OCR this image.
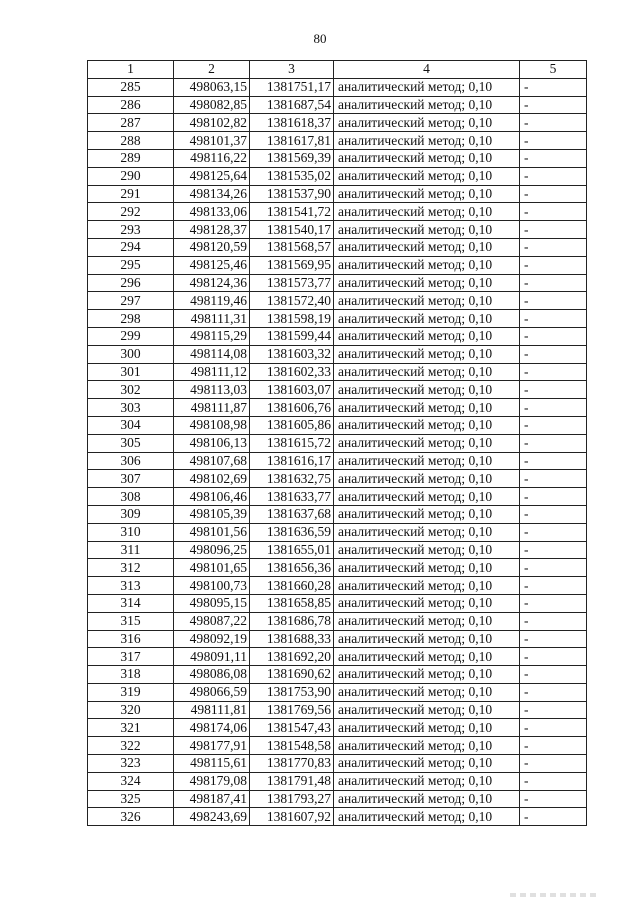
80
1	2	3	4	5
285	498063,15	1381751,17	аналитический метод; 0,10	-
286	498082,85	1381687,54	аналитический метод; 0,10	-
287	498102,82	1381618,37	аналитический метод; 0,10	-
288	498101,37	1381617,81	аналитический метод; 0,10	-
289	498116,22	1381569,39	аналитический метод; 0,10	-
290	498125,64	1381535,02	аналитический метод; 0,10	-
291	498134,26	1381537,90	аналитический метод; 0,10	-
292	498133,06	1381541,72	аналитический метод; 0,10	-
293	498128,37	1381540,17	аналитический метод; 0,10	-
294	498120,59	1381568,57	аналитический метод; 0,10	-
295	498125,46	1381569,95	аналитический метод; 0,10	-
296	498124,36	1381573,77	аналитический метод; 0,10	-
297	498119,46	1381572,40	аналитический метод; 0,10	-
298	498111,31	1381598,19	аналитический метод; 0,10	-
299	498115,29	1381599,44	аналитический метод; 0,10	-
300	498114,08	1381603,32	аналитический метод; 0,10	-
301	498111,12	1381602,33	аналитический метод; 0,10	-
302	498113,03	1381603,07	аналитический метод; 0,10	-
303	498111,87	1381606,76	аналитический метод; 0,10	-
304	498108,98	1381605,86	аналитический метод; 0,10	-
305	498106,13	1381615,72	аналитический метод; 0,10	-
306	498107,68	1381616,17	аналитический метод; 0,10	-
307	498102,69	1381632,75	аналитический метод; 0,10	-
308	498106,46	1381633,77	аналитический метод; 0,10	-
309	498105,39	1381637,68	аналитический метод; 0,10	-
310	498101,56	1381636,59	аналитический метод; 0,10	-
311	498096,25	1381655,01	аналитический метод; 0,10	-
312	498101,65	1381656,36	аналитический метод; 0,10	-
313	498100,73	1381660,28	аналитический метод; 0,10	-
314	498095,15	1381658,85	аналитический метод; 0,10	-
315	498087,22	1381686,78	аналитический метод; 0,10	-
316	498092,19	1381688,33	аналитический метод; 0,10	-
317	498091,11	1381692,20	аналитический метод; 0,10	-
318	498086,08	1381690,62	аналитический метод; 0,10	-
319	498066,59	1381753,90	аналитический метод; 0,10	-
320	498111,81	1381769,56	аналитический метод; 0,10	-
321	498174,06	1381547,43	аналитический метод; 0,10	-
322	498177,91	1381548,58	аналитический метод; 0,10	-
323	498115,61	1381770,83	аналитический метод; 0,10	-
324	498179,08	1381791,48	аналитический метод; 0,10	-
325	498187,41	1381793,27	аналитический метод; 0,10	-
326	498243,69	1381607,92	аналитический метод; 0,10	-
